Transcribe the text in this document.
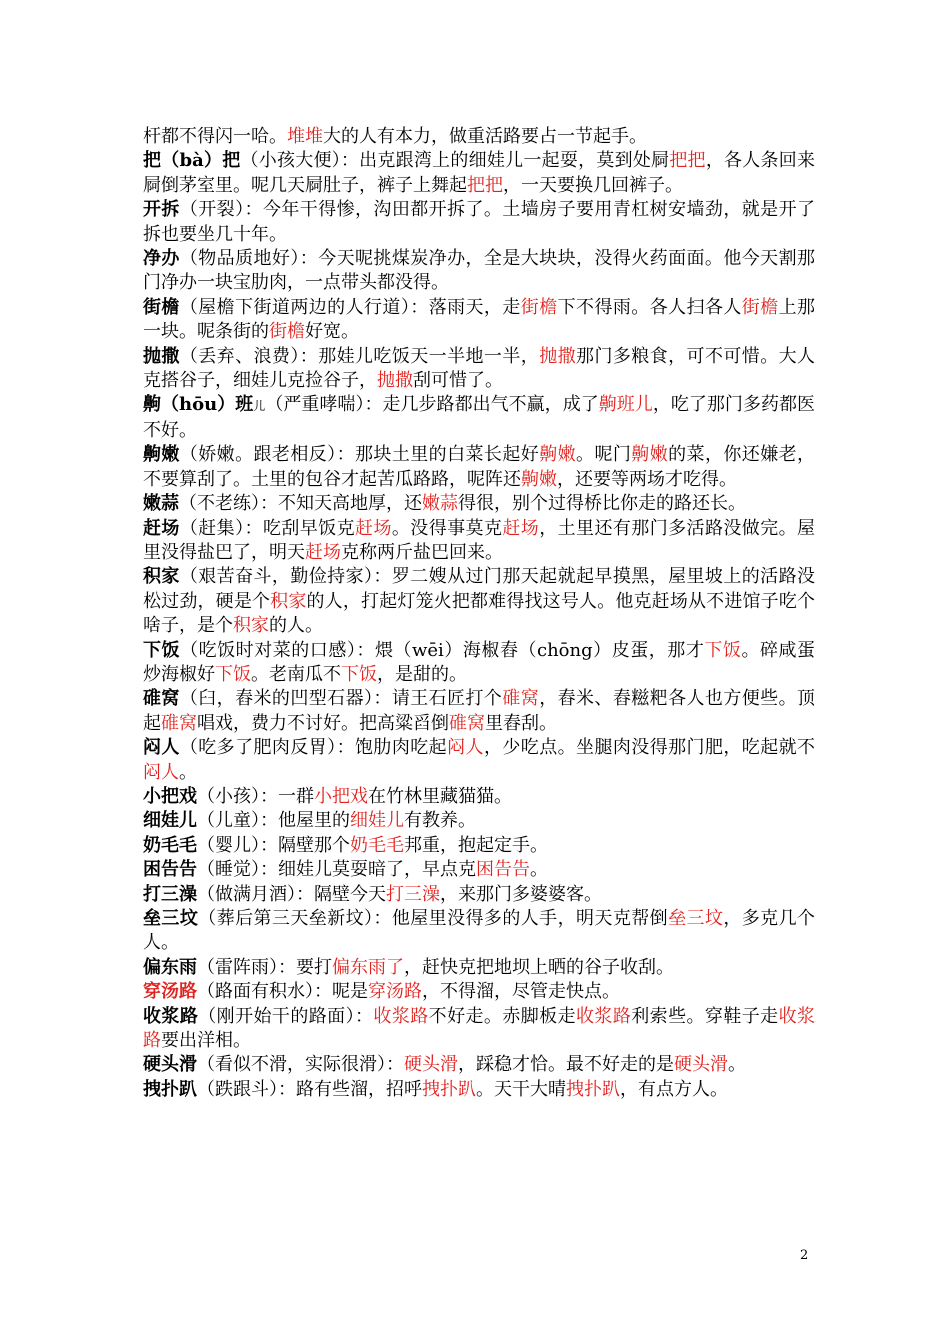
杆都不得闪一哈。堆堆大的人有本力，做重活路要占一节起手。

把（bà）把（小孩大便）：出克跟湾上的细娃儿一起耍，莫到处屙把把，各人条回来屙倒茅室里。呢几天屙肚子，裤子上舞起把把，一天要换几回裤子。

开拆（开裂）：今年干得惨，沟田都开拆了。土墙房子要用青杠树安墙劲，就是开了拆也要坐几十年。

净办（物品质地好）：今天呢挑煤炭净办，全是大块块，没得火药面面。他今天割那门净办一块宝肋肉，一点带头都没得。

街檐（屋檐下街道两边的人行道）：落雨天，走街檐下不得雨。各人扫各人街檐上那一块。呢条街的街檐好宽。

抛撒（丢弃、浪费）：那娃儿吃饭天一半地一半，抛撒那门多粮食，可不可惜。大人克搭谷子，细娃儿克捡谷子，抛撒刮可惜了。

齁（hōu）班儿（严重哮喘）：走几步路都出气不赢，成了齁班儿，吃了那门多药都医不好。

齁嫩（娇嫩。跟老相反）：那块土里的白菜长起好齁嫩。呢门齁嫩的菜，你还嫌老，不要算刮了。土里的包谷才起苦瓜路路，呢阵还齁嫩，还要等两场才吃得。

嫩蒜（不老练）：不知天高地厚，还嫩蒜得很，别个过得桥比你走的路还长。

赶场（赶集）：吃刮早饭克赶场。没得事莫克赶场，土里还有那门多活路没做完。屋里没得盐巴了，明天赶场克称两斤盐巴回来。

积家（艰苦奋斗，勤俭持家）：罗二嫂从过门那天起就起早摸黑，屋里坡上的活路没松过劲，硬是个积家的人，打起灯笼火把都难得找这号人。他克赶场从不进馆子吃个啥子，是个积家的人。

下饭（吃饭时对菜的口感）：煨（wēi）海椒舂（chōng）皮蛋，那才下饭。碎咸蛋炒海椒好下饭。老南瓜不下饭，是甜的。

碓窝（臼，舂米的凹型石器）：请王石匠打个碓窝，舂米、舂糍粑各人也方便些。顶起碓窝唱戏，费力不讨好。把高粱舀倒碓窝里舂刮。

闷人（吃多了肥肉反胃）：饱肋肉吃起闷人，少吃点。坐腿肉没得那门肥，吃起就不闷人。

小把戏（小孩）：一群小把戏在竹林里藏猫猫。

细娃儿（儿童）：他屋里的细娃儿有教养。

奶毛毛（婴儿）：隔壁那个奶毛毛邦重，抱起定手。

困告告（睡觉）：细娃儿莫耍暗了，早点克困告告。

打三澡（做满月酒）：隔壁今天打三澡，来那门多婆婆客。

垒三坟（葬后第三天垒新坟）：他屋里没得多的人手，明天克帮倒垒三坟，多克几个人。

偏东雨（雷阵雨）：要打偏东雨了，赶快克把地坝上晒的谷子收刮。

穿汤路（路面有积水）：呢是穿汤路，不得溜，尽管走快点。

收浆路（刚开始干的路面）：收浆路不好走。赤脚板走收浆路利索些。穿鞋子走收浆路要出洋相。

硬头滑（看似不滑，实际很滑）：硬头滑，踩稳才恰。最不好走的是硬头滑。

拽扑趴（跌跟斗）：路有些溜，招呼拽扑趴。天干大晴拽扑趴，有点方人。

2
